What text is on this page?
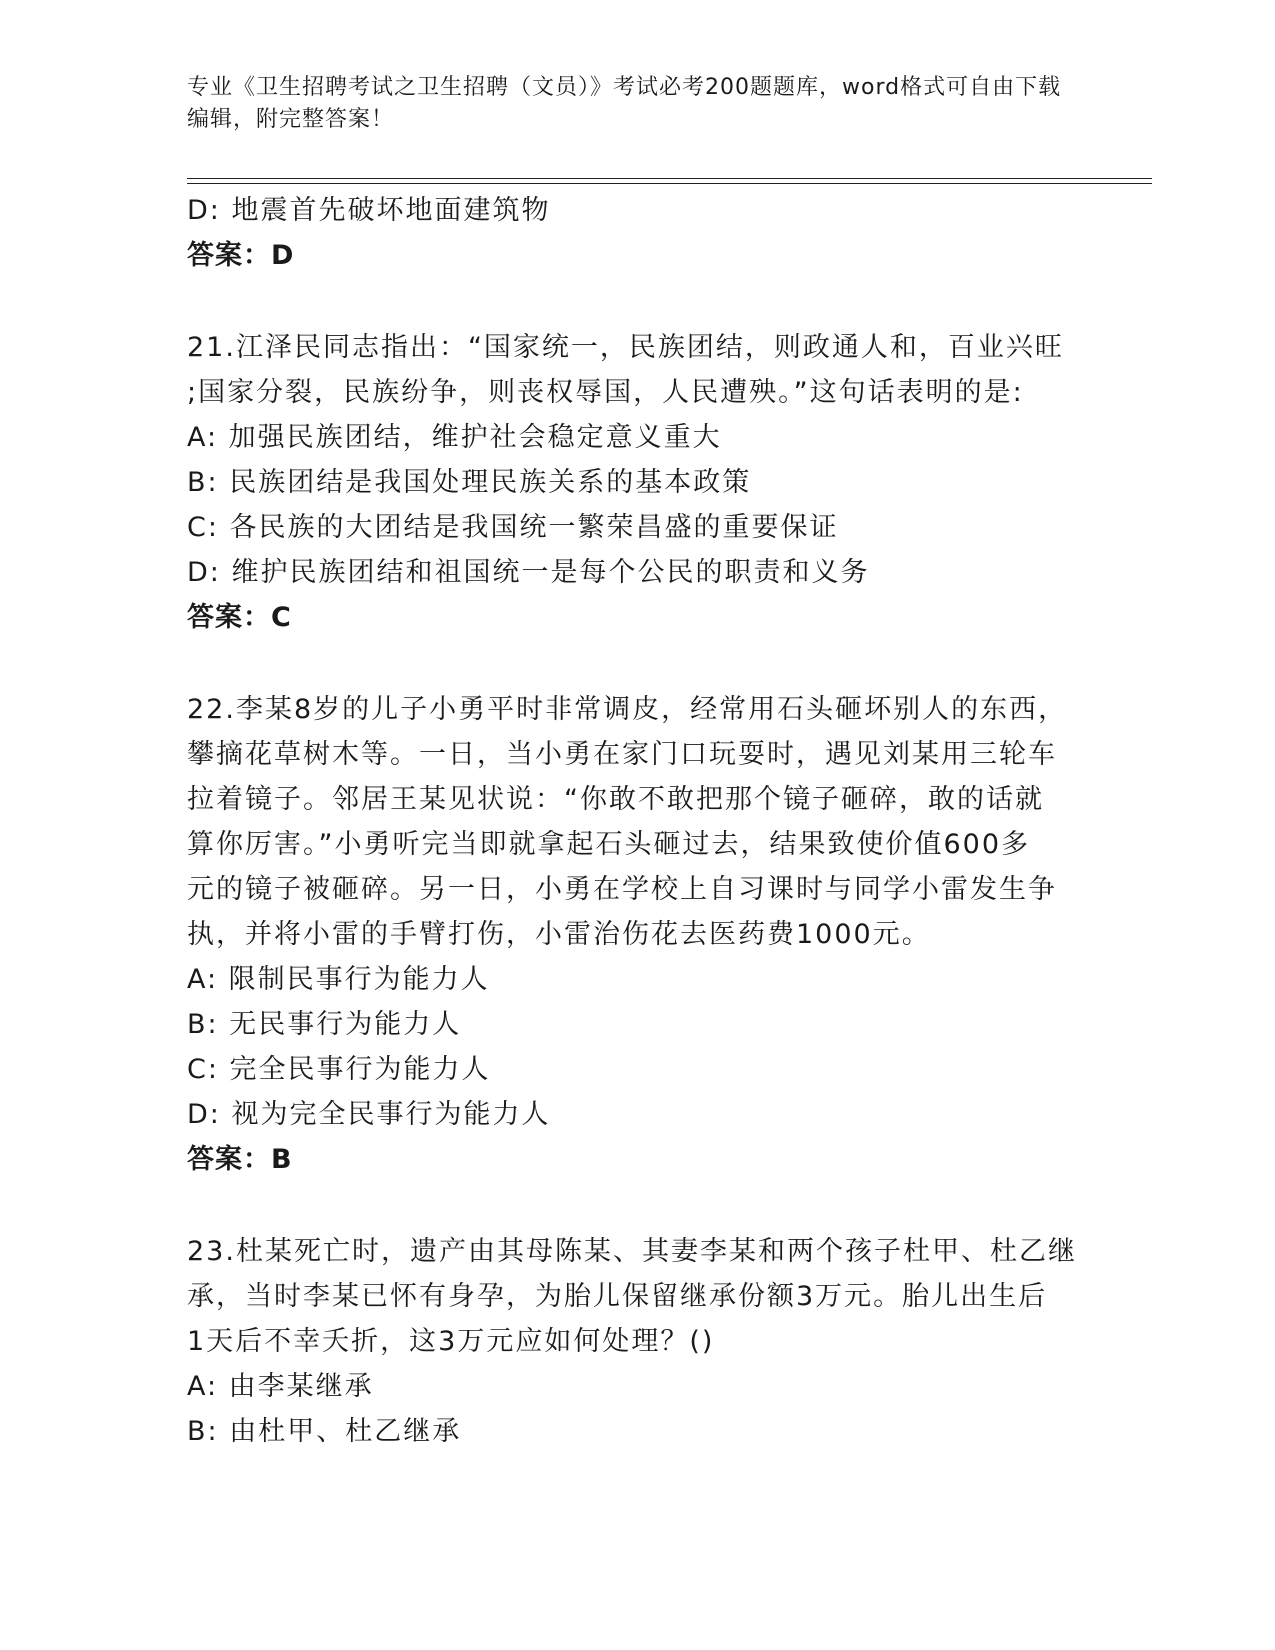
专业《卫生招聘考试之卫生招聘（文员）》考试必考200题题库，word格式可自由下载编辑，附完整答案！
D: 地震首先破坏地面建筑物
答案：D
21.江泽民同志指出：“国家统一，民族团结，则政通人和，百业兴旺
;国家分裂，民族纷争，则丧权辱国，人民遭殃。”这句话表明的是:
A: 加强民族团结，维护社会稳定意义重大
B: 民族团结是我国处理民族关系的基本政策
C: 各民族的大团结是我国统一繁荣昌盛的重要保证
D: 维护民族团结和祖国统一是每个公民的职责和义务
答案：C
22.李某8岁的儿子小勇平时非常调皮，经常用石头砸坏别人的东西，
攀摘花草树木等。一日，当小勇在家门口玩耍时，遇见刘某用三轮车
拉着镜子。邻居王某见状说：“你敢不敢把那个镜子砸碎，敢的话就
算你厉害。”小勇听完当即就拿起石头砸过去，结果致使价值600多
元的镜子被砸碎。另一日，小勇在学校上自习课时与同学小雷发生争
执，并将小雷的手臂打伤，小雷治伤花去医药费1000元。
A: 限制民事行为能力人
B: 无民事行为能力人
C: 完全民事行为能力人
D: 视为完全民事行为能力人
答案：B
23.杜某死亡时，遗产由其母陈某、其妻李某和两个孩子杜甲、杜乙继
承，当时李某已怀有身孕，为胎儿保留继承份额3万元。胎儿出生后
1天后不幸夭折，这3万元应如何处理？()
A: 由李某继承
B: 由杜甲、杜乙继承
